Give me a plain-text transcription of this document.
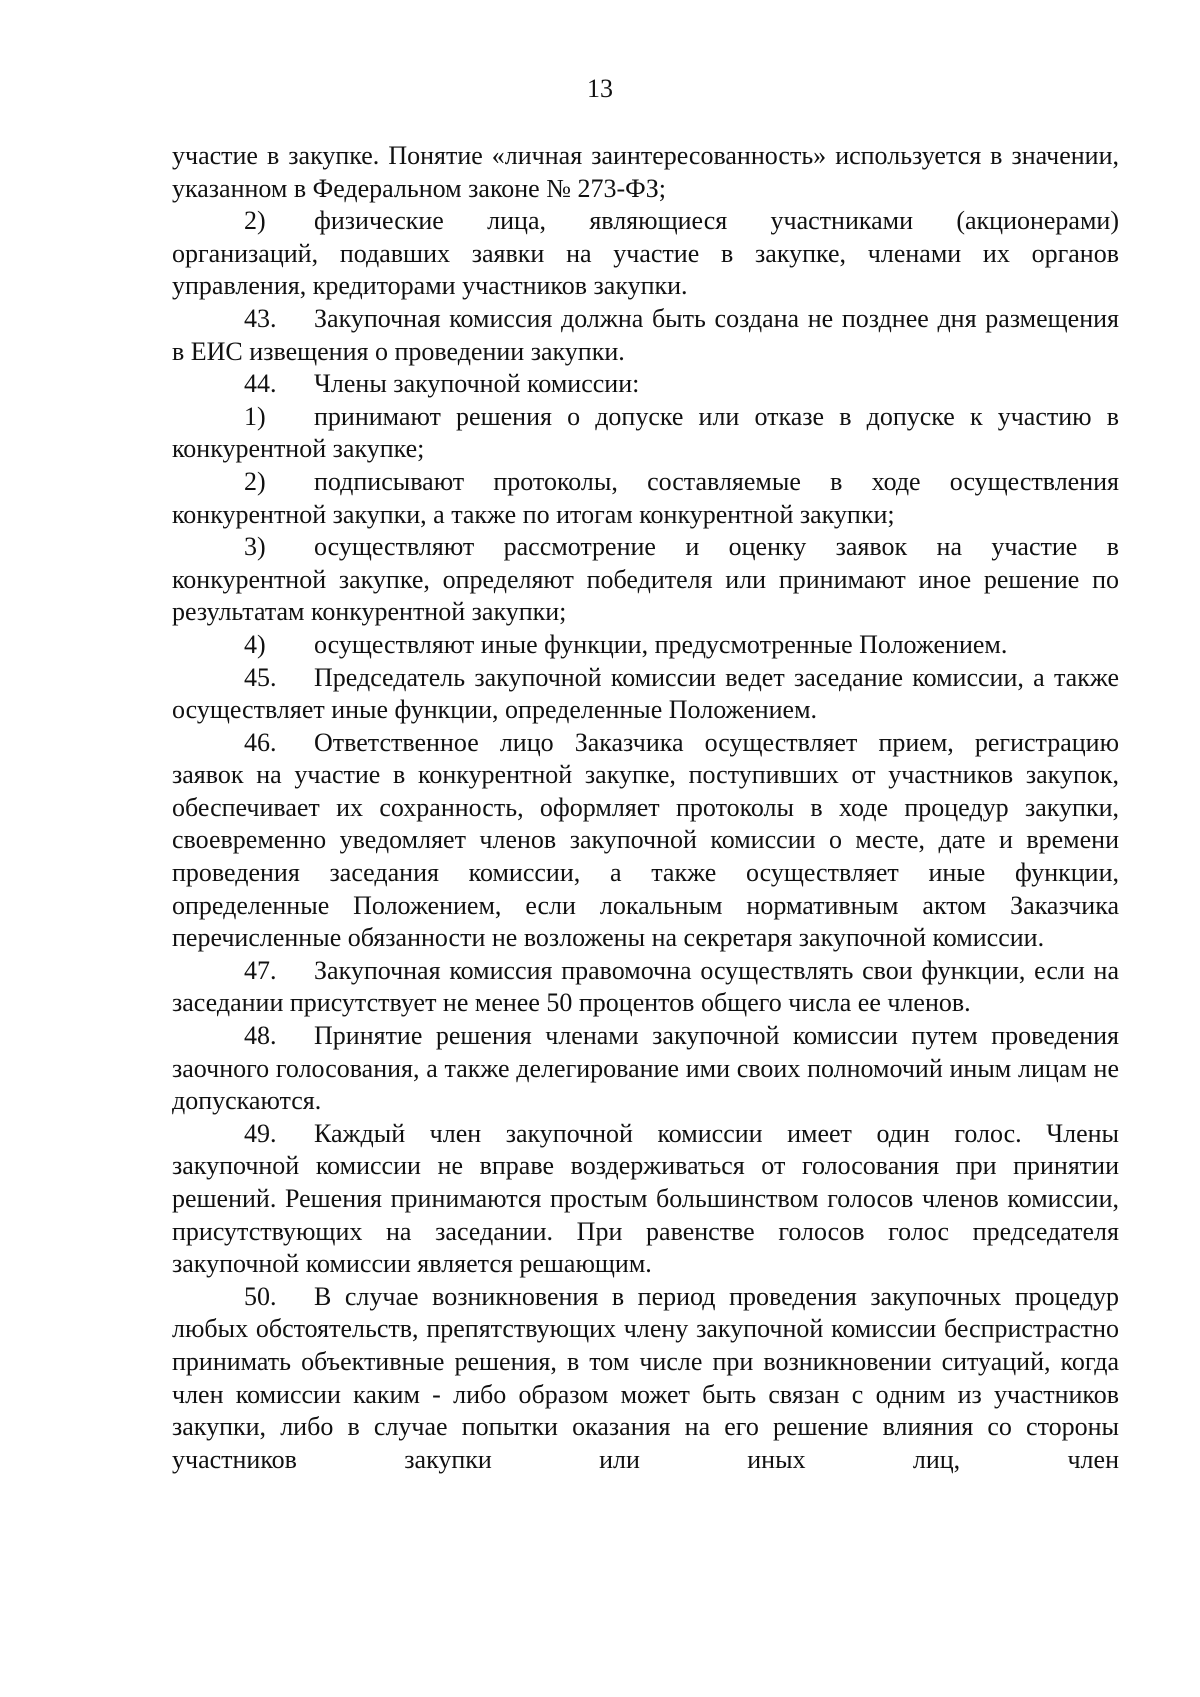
13

участие в закупке. Понятие «личная заинтересованность» используется в значении, указанном в Федеральном законе № 273-ФЗ;

2) физические лица, являющиеся участниками (акционерами) организаций, подавших заявки на участие в закупке, членами их органов управления, кредиторами участников закупки.

43. Закупочная комиссия должна быть создана не позднее дня размещения в ЕИС извещения о проведении закупки.

44. Члены закупочной комиссии:

1) принимают решения о допуске или отказе в допуске к участию в конкурентной закупке;

2) подписывают протоколы, составляемые в ходе осуществления конкурентной закупки, а также по итогам конкурентной закупки;

3) осуществляют рассмотрение и оценку заявок на участие в конкурентной закупке, определяют победителя или принимают иное решение по результатам конкурентной закупки;

4) осуществляют иные функции, предусмотренные Положением.

45. Председатель закупочной комиссии ведет заседание комиссии, а также осуществляет иные функции, определенные Положением.

46. Ответственное лицо Заказчика осуществляет прием, регистрацию заявок на участие в конкурентной закупке, поступивших от участников закупок, обеспечивает их сохранность, оформляет протоколы в ходе процедур закупки, своевременно уведомляет членов закупочной комиссии о месте, дате и времени проведения заседания комиссии, а также осуществляет иные функции, определенные Положением, если локальным нормативным актом Заказчика перечисленные обязанности не возложены на секретаря закупочной комиссии.

47. Закупочная комиссия правомочна осуществлять свои функции, если на заседании присутствует не менее 50 процентов общего числа ее членов.

48. Принятие решения членами закупочной комиссии путем проведения заочного голосования, а также делегирование ими своих полномочий иным лицам не допускаются.

49. Каждый член закупочной комиссии имеет один голос. Члены закупочной комиссии не вправе воздерживаться от голосования при принятии решений. Решения принимаются простым большинством голосов членов комиссии, присутствующих на заседании. При равенстве голосов голос председателя закупочной комиссии является решающим.

50. В случае возникновения в период проведения закупочных процедур любых обстоятельств, препятствующих члену закупочной комиссии беспристрастно принимать объективные решения, в том числе при возникновении ситуаций, когда член комиссии каким - либо образом может быть связан с одним из участников закупки, либо в случае попытки оказания на его решение влияния со стороны участников закупки или иных лиц, член
